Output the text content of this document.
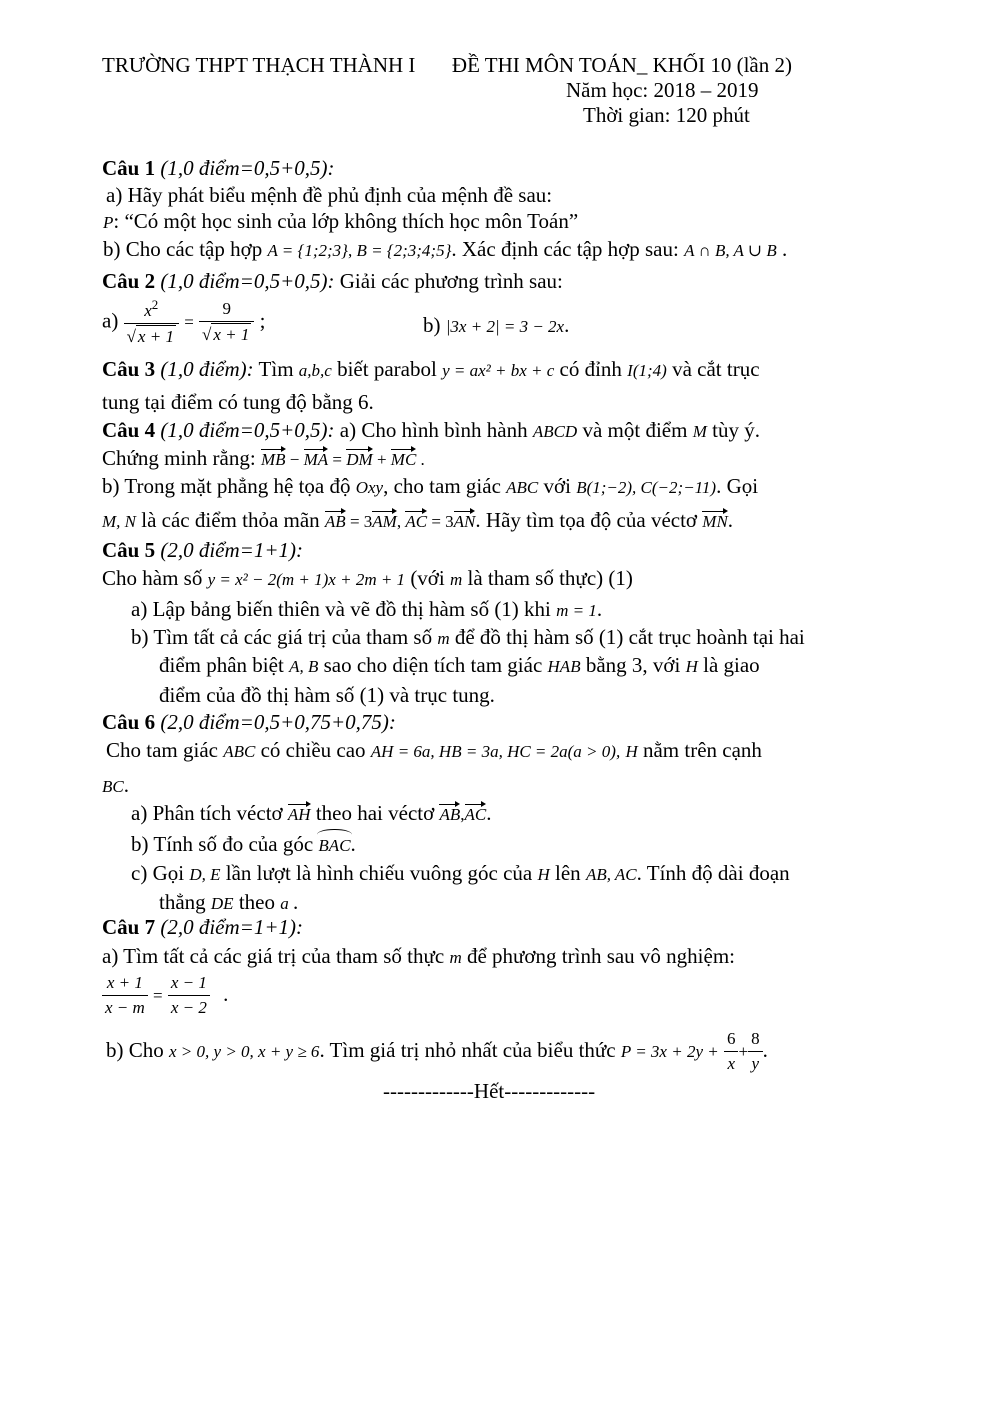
TRƯỜNG THPT THẠCH THÀNH I ĐỀ THI MÔN TOÁN_ KHỐI 10 (lần 2)
Năm học: 2018 – 2019
Thời gian: 120 phút
Câu 1 (1,0 điểm=0,5+0,5):
a) Hãy phát biểu mệnh đề phủ định của mệnh đề sau:
P: “Có một học sinh của lớp không thích học môn Toán”
b) Cho các tập hợp A = {1;2;3}, B = {2;3;4;5}. Xác định các tập hợp sau: A ∩ B, A ∪ B .
Câu 2 (1,0 điểm=0,5+0,5): Giải các phương trình sau:
$a) \frac{x^2}{√ x + 1} = \frac{9}{√ x + 1}$ ;	b) |3x + 2| = 3 − 2x.
Câu 3 (1,0 điểm): Tìm a,b,c biết parabol y = ax² + bx + c có đỉnh I(1;4) và cắt trục
tung tại điểm có tung độ bằng 6.
Câu 4 (1,0 điểm=0,5+0,5): a) Cho hình bình hành ABCD và một điểm M tùy ý.
Chứng minh rằng: MB − MA = DM + MC .
b) Trong mặt phẳng hệ tọa độ Oxy, cho tam giác ABC với B(1;−2), C(−2;−11). Gọi
M, N là các điểm thỏa mãn AB = 3AM, AC = 3AN. Hãy tìm tọa độ của véctơ MN.
Câu 5 (2,0 điểm=1+1):
Cho hàm số y = x² − 2(m + 1)x + 2m + 1 (với m là tham số thực) (1)
a) Lập bảng biến thiên và vẽ đồ thị hàm số (1) khi m = 1.
b) Tìm tất cả các giá trị của tham số m để đồ thị hàm số (1) cắt trục hoành tại hai
điểm phân biệt A, B sao cho diện tích tam giác HAB bằng 3, với H là giao
điểm của đồ thị hàm số (1) và trục tung.
Câu 6 (2,0 điểm=0,5+0,75+0,75):
Cho tam giác ABC có chiều cao AH = 6a, HB = 3a, HC = 2a(a > 0), H nằm trên cạnh
BC.
a) Phân tích véctơ AH theo hai véctơ AB,AC.
b) Tính số đo của góc BAC.
c) Gọi D, E lần lượt là hình chiếu vuông góc của H lên AB, AC. Tính độ dài đoạn
thẳng DE theo a .
Câu 7 (2,0 điểm=1+1):
a) Tìm tất cả các giá trị của tham số thực m để phương trình sau vô nghiệm:
$\frac{x + 1}{x - m} = \frac{x - 1}{x - 2}$ .
b) Cho x > 0, y > 0, x + y ≥ 6. Tìm giá trị nhỏ nhất của biểu thức $P = 3x + 2y + \frac{6}{x} + \frac{8}{y}$ .
-------------Hết-------------
